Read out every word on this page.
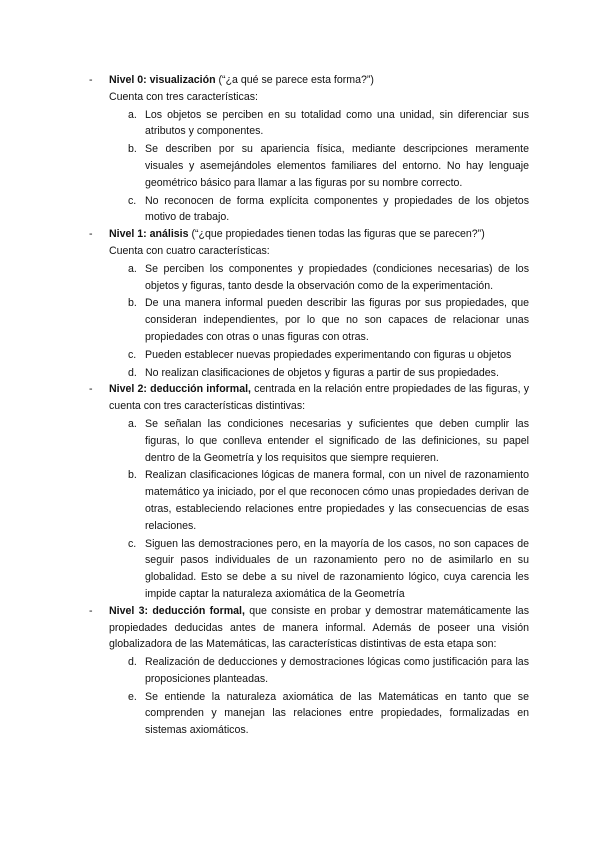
- Nivel 0: visualización (“¿a qué se parece esta forma?”)
Cuenta con tres características:
a. Los objetos se perciben en su totalidad como una unidad, sin diferenciar sus atributos y componentes.
b. Se describen por su apariencia física, mediante descripciones meramente visuales y asemejándoles elementos familiares del entorno. No hay lenguaje geométrico básico para llamar a las figuras por su nombre correcto.
c. No reconocen de forma explícita componentes y propiedades de los objetos motivo de trabajo.
- Nivel 1: análisis (“¿que propiedades tienen todas las figuras que se parecen?”)
Cuenta con cuatro características:
a. Se perciben los componentes y propiedades (condiciones necesarias) de los objetos y figuras, tanto desde la observación como de la experimentación.
b. De una manera informal pueden describir las figuras por sus propiedades, que consideran independientes, por lo que no son capaces de relacionar unas propiedades con otras o unas figuras con otras.
c. Pueden establecer nuevas propiedades experimentando con figuras u objetos
d. No realizan clasificaciones de objetos y figuras a partir de sus propiedades.
- Nivel 2: deducción informal, centrada en la relación entre propiedades de las figuras, y cuenta con tres características distintivas:
a. Se señalan las condiciones necesarias y suficientes que deben cumplir las figuras, lo que conlleva entender el significado de las definiciones, su papel dentro de la Geometría y los requisitos que siempre requieren.
b. Realizan clasificaciones lógicas de manera formal, con un nivel de razonamiento matemático ya iniciado, por el que reconocen cómo unas propiedades derivan de otras, estableciendo relaciones entre propiedades y las consecuencias de esas relaciones.
c. Siguen las demostraciones pero, en la mayoría de los casos, no son capaces de seguir pasos individuales de un razonamiento pero no de asimilarlo en su globalidad. Esto se debe a su nivel de razonamiento lógico, cuya carencia les impide captar la naturaleza axiomática de la Geometría
- Nivel 3: deducción formal, que consiste en probar y demostrar matemáticamente las propiedades deducidas antes de manera informal. Además de poseer una visión globalizadora de las Matemáticas, las características distintivas de esta etapa son:
d. Realización de deducciones y demostraciones lógicas como justificación para las proposiciones planteadas.
e. Se entiende la naturaleza axiomática de las Matemáticas en tanto que se comprenden y manejan las relaciones entre propiedades, formalizadas en sistemas axiomáticos.
